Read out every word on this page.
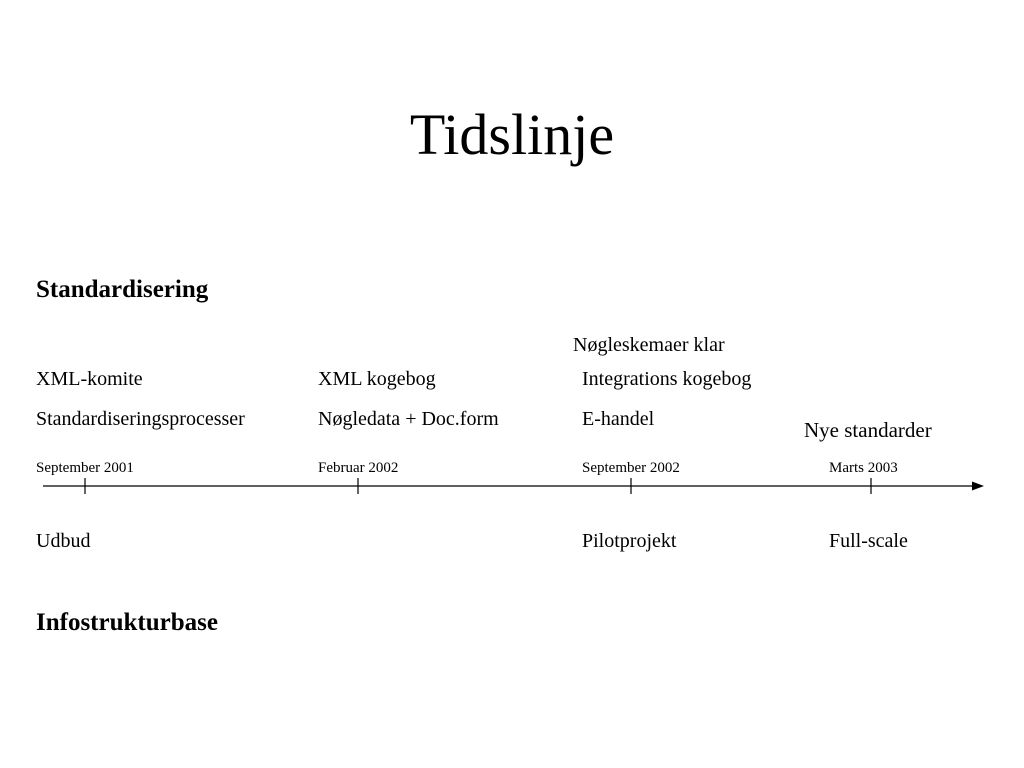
Tidslinje
Standardisering
Nøgleskemaer klar
XML-komite	XML kogebog	Integrations kogebog
Standardiseringsprocesser	Nøgledata + Doc.form	E-handel	Nye standarder
September 2001	Februar 2002	September 2002	Marts 2003
Udbud	Pilotprojekt	Full-scale
Infostrukturbase
